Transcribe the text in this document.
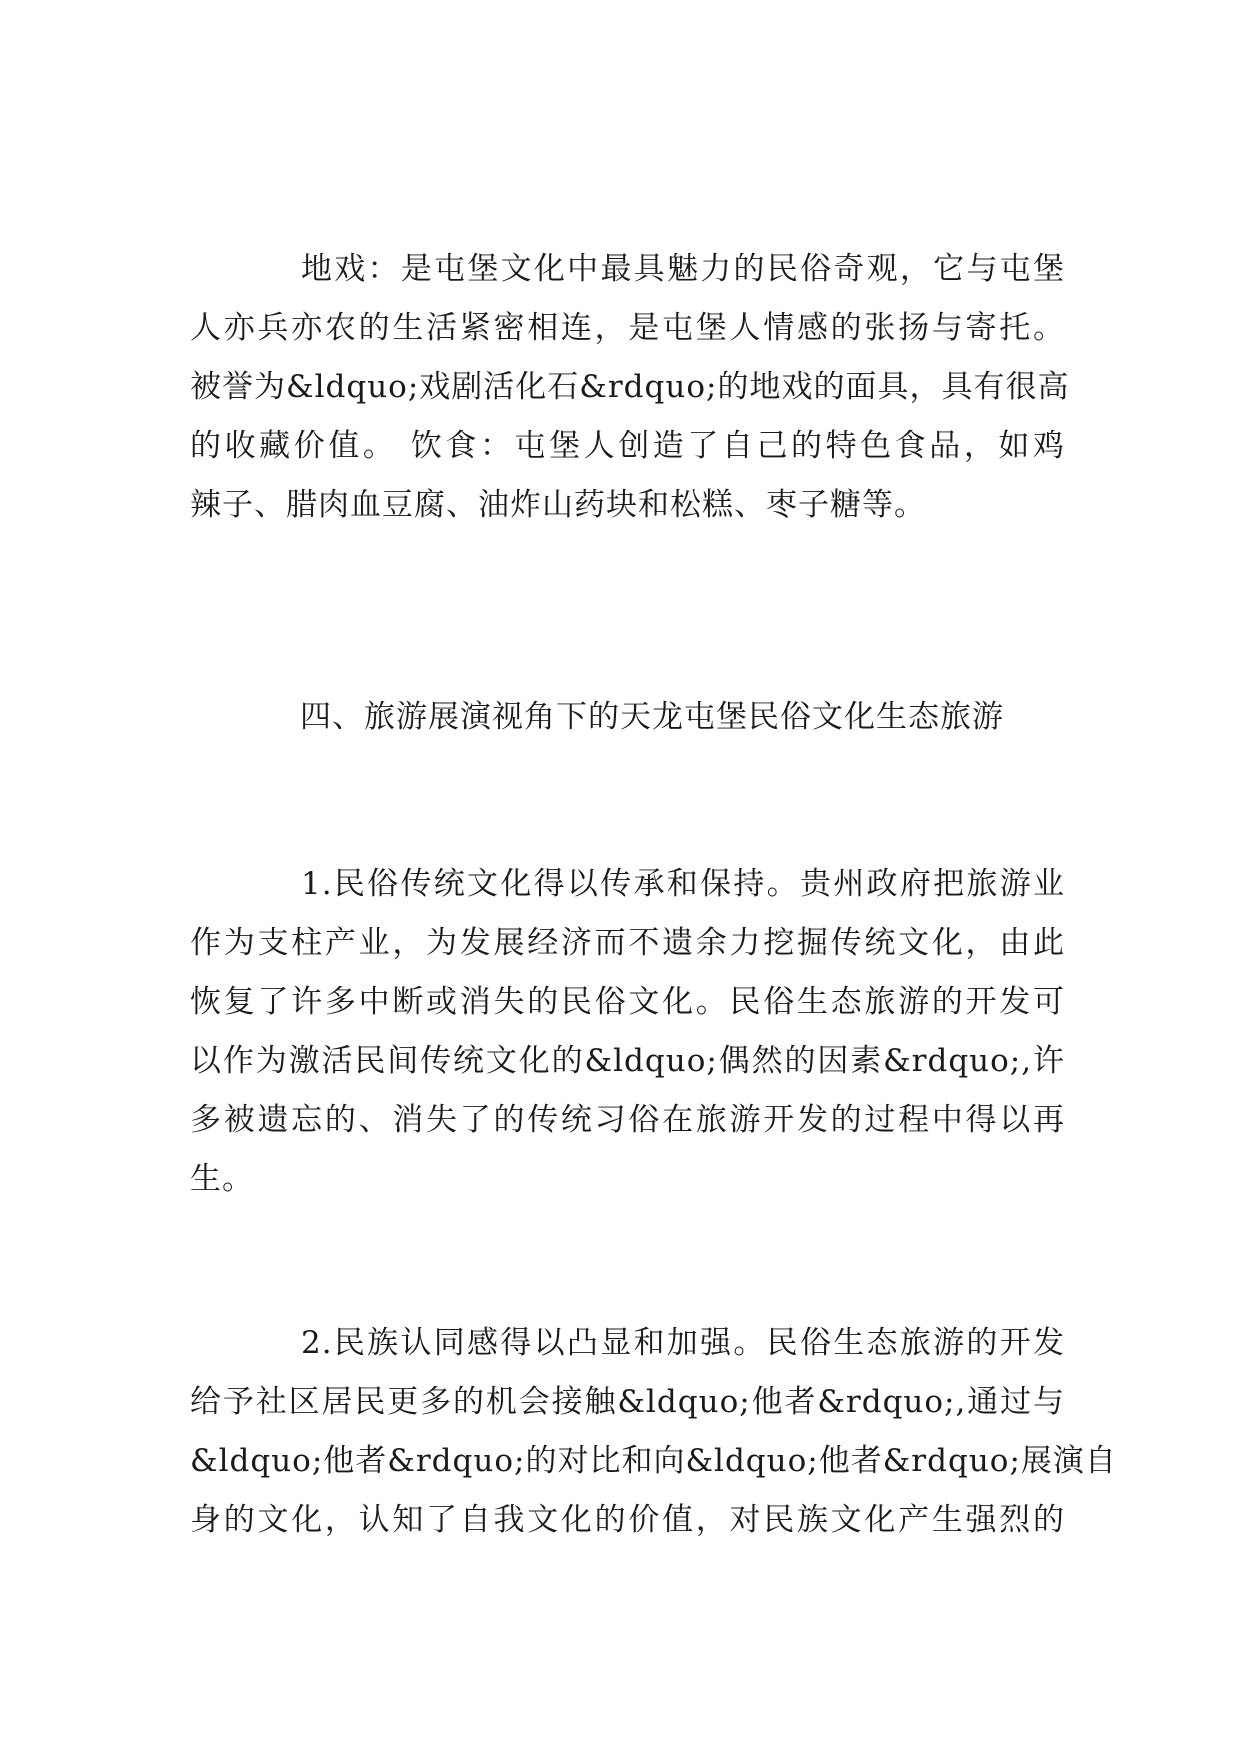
地戏：是屯堡文化中最具魅力的民俗奇观，它与屯堡
人亦兵亦农的生活紧密相连，是屯堡人情感的张扬与寄托。
被誉为&ldquo;戏剧活化石&rdquo;的地戏的面具，具有很高
的收藏价值。 饮食：屯堡人创造了自己的特色食品，如鸡
辣子、腊肉血豆腐、油炸山药块和松糕、枣子糖等。
四、旅游展演视角下的天龙屯堡民俗文化生态旅游
1.民俗传统文化得以传承和保持。贵州政府把旅游业
作为支柱产业，为发展经济而不遗余力挖掘传统文化，由此
恢复了许多中断或消失的民俗文化。民俗生态旅游的开发可
以作为激活民间传统文化的&ldquo;偶然的因素&rdquo;,许
多被遗忘的、消失了的传统习俗在旅游开发的过程中得以再
生。
2.民族认同感得以凸显和加强。民俗生态旅游的开发
给予社区居民更多的机会接触&ldquo;他者&rdquo;,通过与
&ldquo;他者&rdquo;的对比和向&ldquo;他者&rdquo;展演自
身的文化，认知了自我文化的价值，对民族文化产生强烈的
